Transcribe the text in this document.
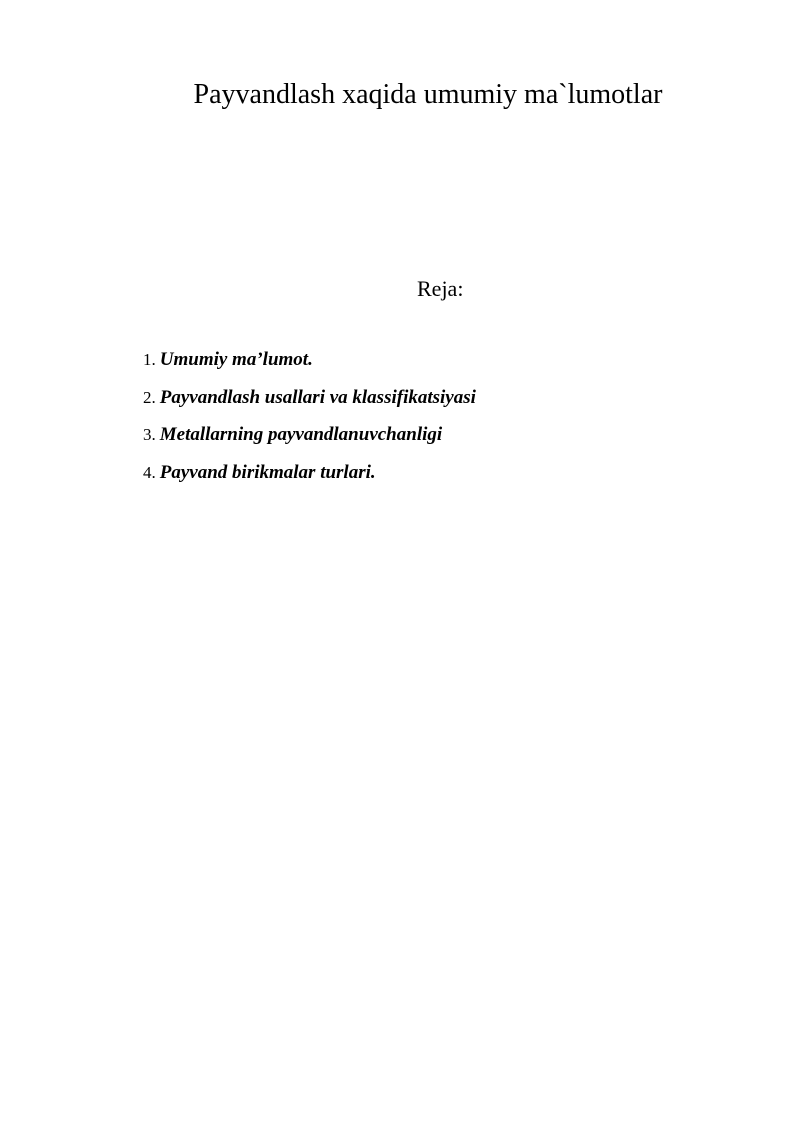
Payvandlash xaqida umumiy ma`lumotlar

Reja:

1. Umumiy ma’lumot.
2. Payvandlash usallari va klassifikatsiyasi
3. Metallarning payvandlanuvchanligi
4. Payvand birikmalar turlari.
